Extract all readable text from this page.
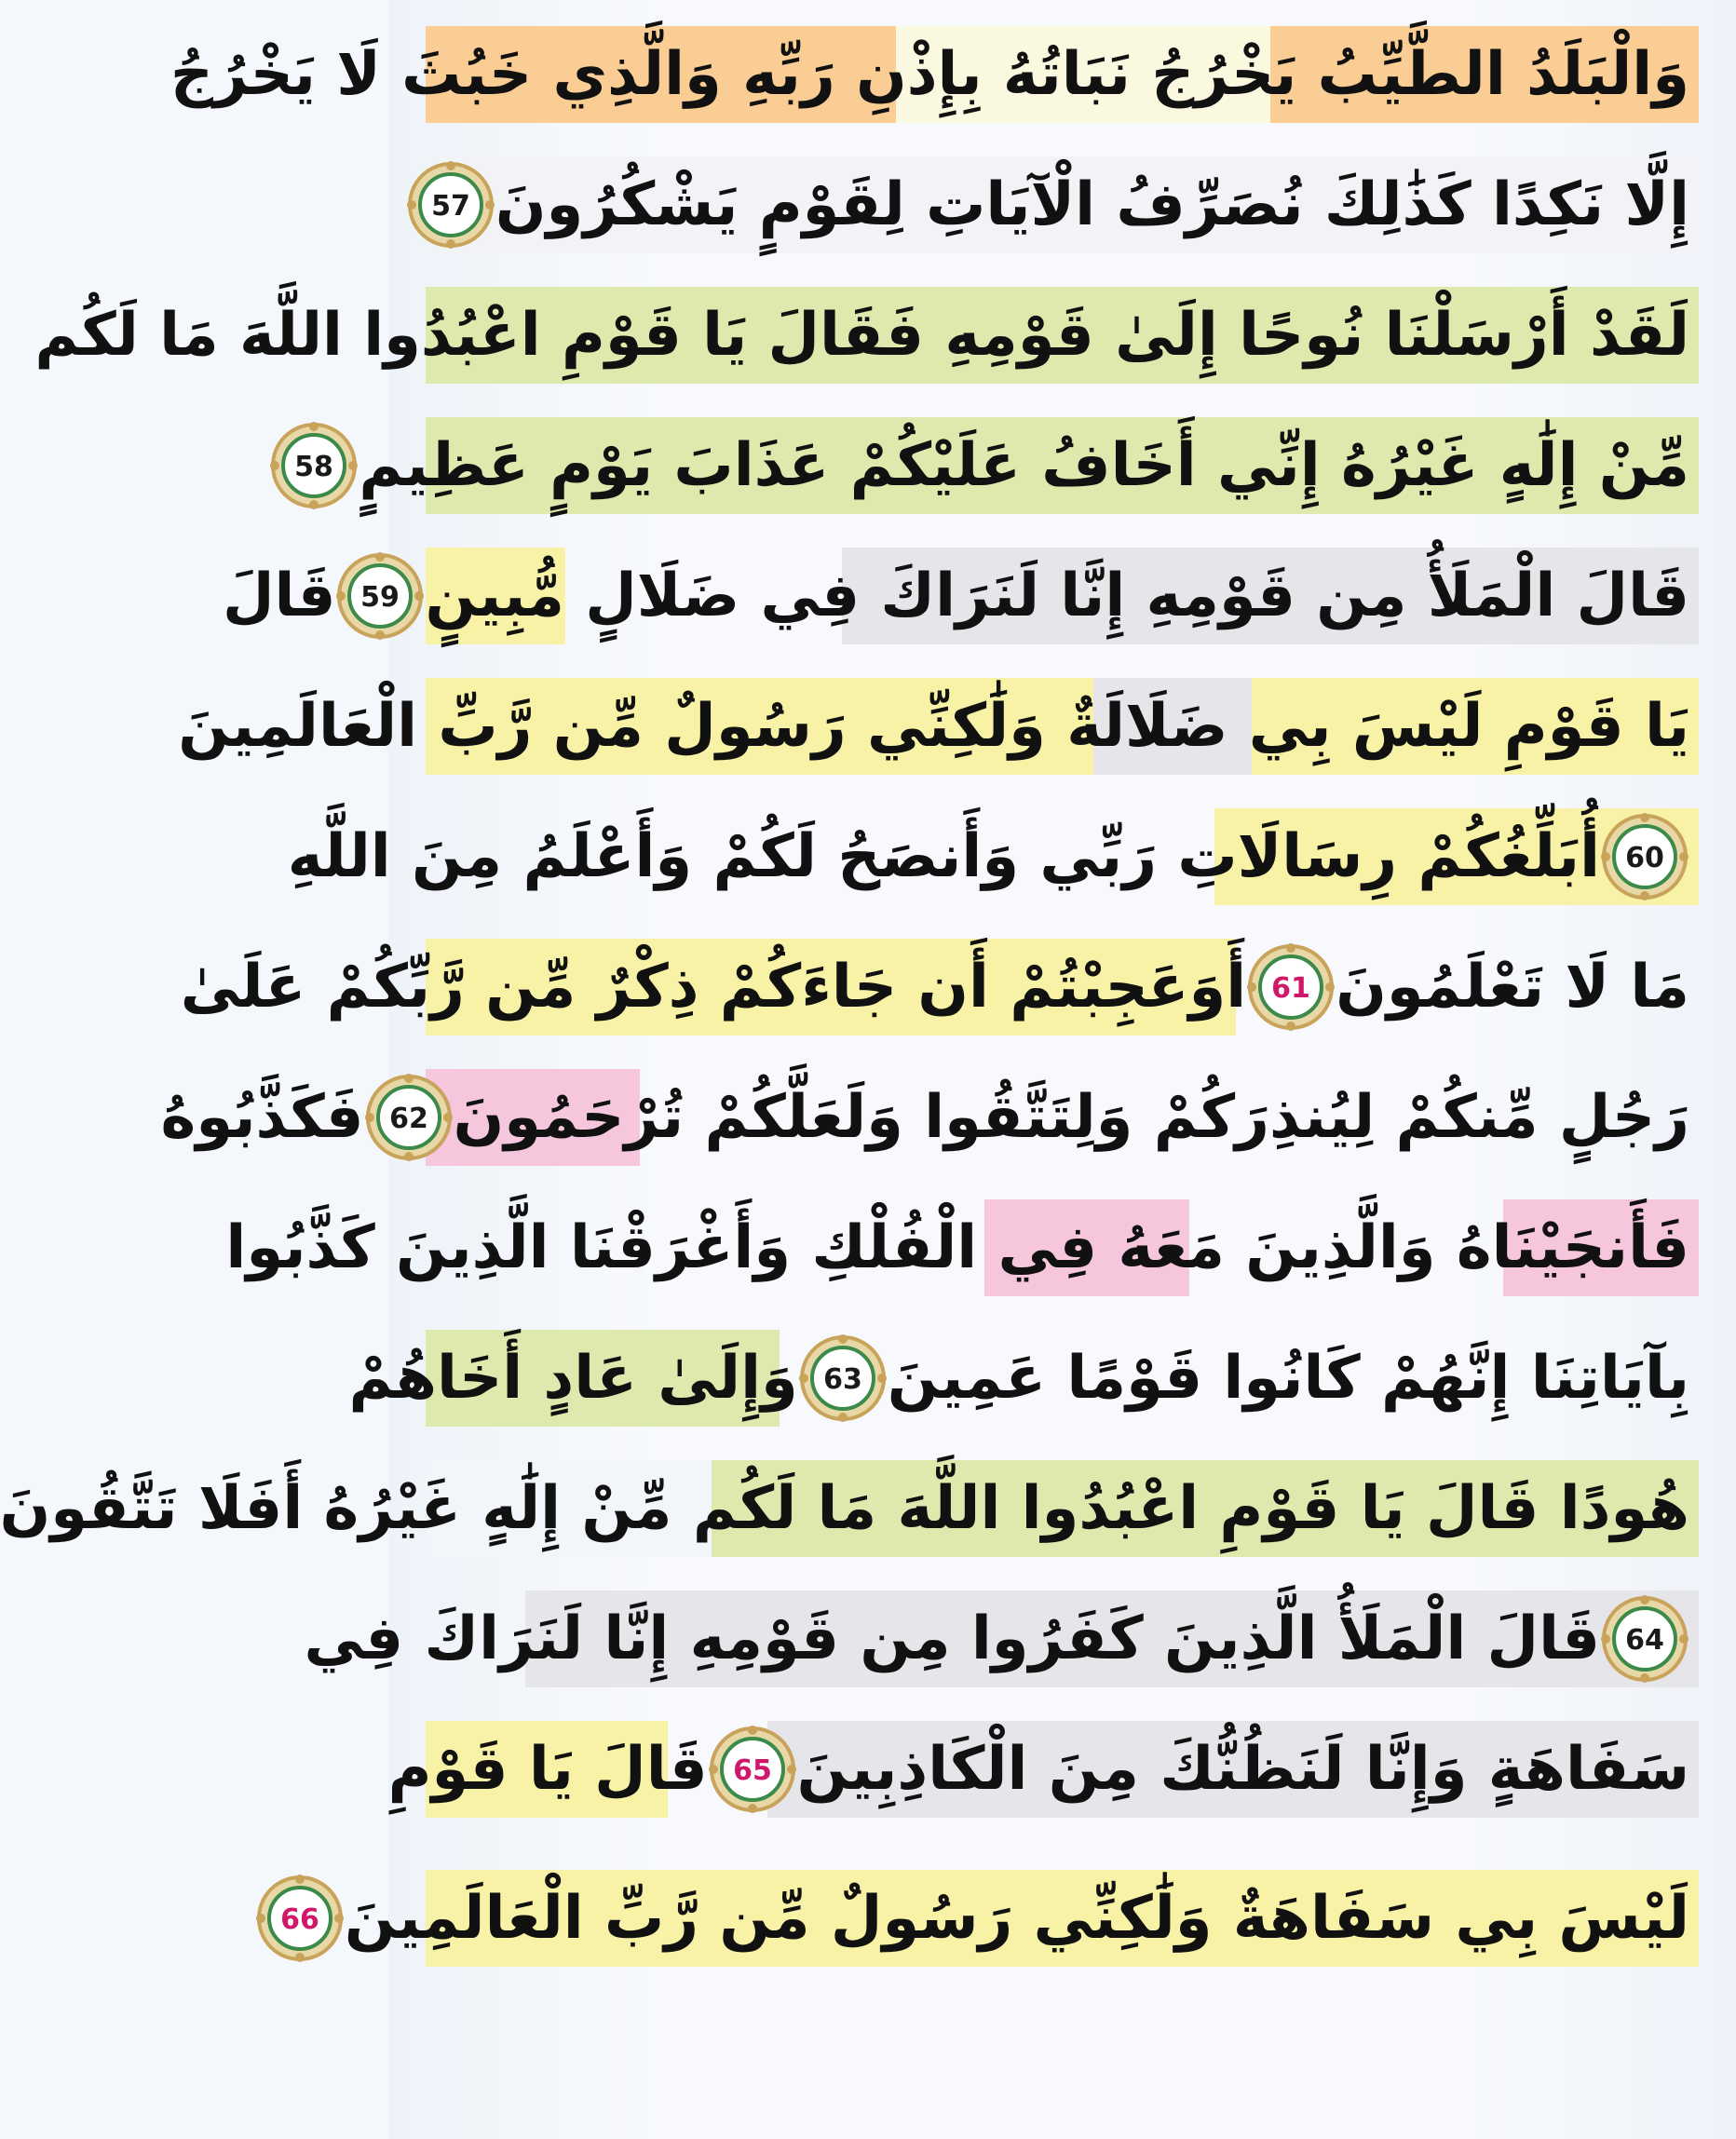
وَالْبَلَدُ الطَّيِّبُ يَخْرُجُ نَبَاتُهُ بِإِذْنِ رَبِّهِ وَالَّذِي خَبُثَ لَا يَخْرُجُ
إِلَّا نَكِدًا كَذَٰلِكَ نُصَرِّفُ الْآيَاتِ لِقَوْمٍ يَشْكُرُونَ
57
لَقَدْ أَرْسَلْنَا نُوحًا إِلَىٰ قَوْمِهِ فَقَالَ يَا قَوْمِ اعْبُدُوا اللَّهَ مَا لَكُم
مِّنْ إِلَٰهٍ غَيْرُهُ إِنِّي أَخَافُ عَلَيْكُمْ عَذَابَ يَوْمٍ عَظِيمٍ
58
قَالَ الْمَلَأُ مِن قَوْمِهِ إِنَّا لَنَرَاكَ فِي ضَلَالٍ مُّبِينٍ
59
قَالَ
يَا قَوْمِ لَيْسَ بِي ضَلَالَةٌ وَلَٰكِنِّي رَسُولٌ مِّن رَّبِّ الْعَالَمِينَ
60
أُبَلِّغُكُمْ رِسَالَاتِ رَبِّي وَأَنصَحُ لَكُمْ وَأَعْلَمُ مِنَ اللَّهِ
مَا لَا تَعْلَمُونَ
61
أَوَعَجِبْتُمْ أَن جَاءَكُمْ ذِكْرٌ مِّن رَّبِّكُمْ عَلَىٰ
رَجُلٍ مِّنكُمْ لِيُنذِرَكُمْ وَلِتَتَّقُوا وَلَعَلَّكُمْ تُرْحَمُونَ
62
فَكَذَّبُوهُ
فَأَنجَيْنَاهُ وَالَّذِينَ مَعَهُ فِي الْفُلْكِ وَأَغْرَقْنَا الَّذِينَ كَذَّبُوا
بِآيَاتِنَا إِنَّهُمْ كَانُوا قَوْمًا عَمِينَ
63
وَإِلَىٰ عَادٍ أَخَاهُمْ
هُودًا قَالَ يَا قَوْمِ اعْبُدُوا اللَّهَ مَا لَكُم مِّنْ إِلَٰهٍ غَيْرُهُ أَفَلَا تَتَّقُونَ
64
قَالَ الْمَلَأُ الَّذِينَ كَفَرُوا مِن قَوْمِهِ إِنَّا لَنَرَاكَ فِي
سَفَاهَةٍ وَإِنَّا لَنَظُنُّكَ مِنَ الْكَاذِبِينَ
65
قَالَ يَا قَوْمِ
لَيْسَ بِي سَفَاهَةٌ وَلَٰكِنِّي رَسُولٌ مِّن رَّبِّ الْعَالَمِينَ
66
